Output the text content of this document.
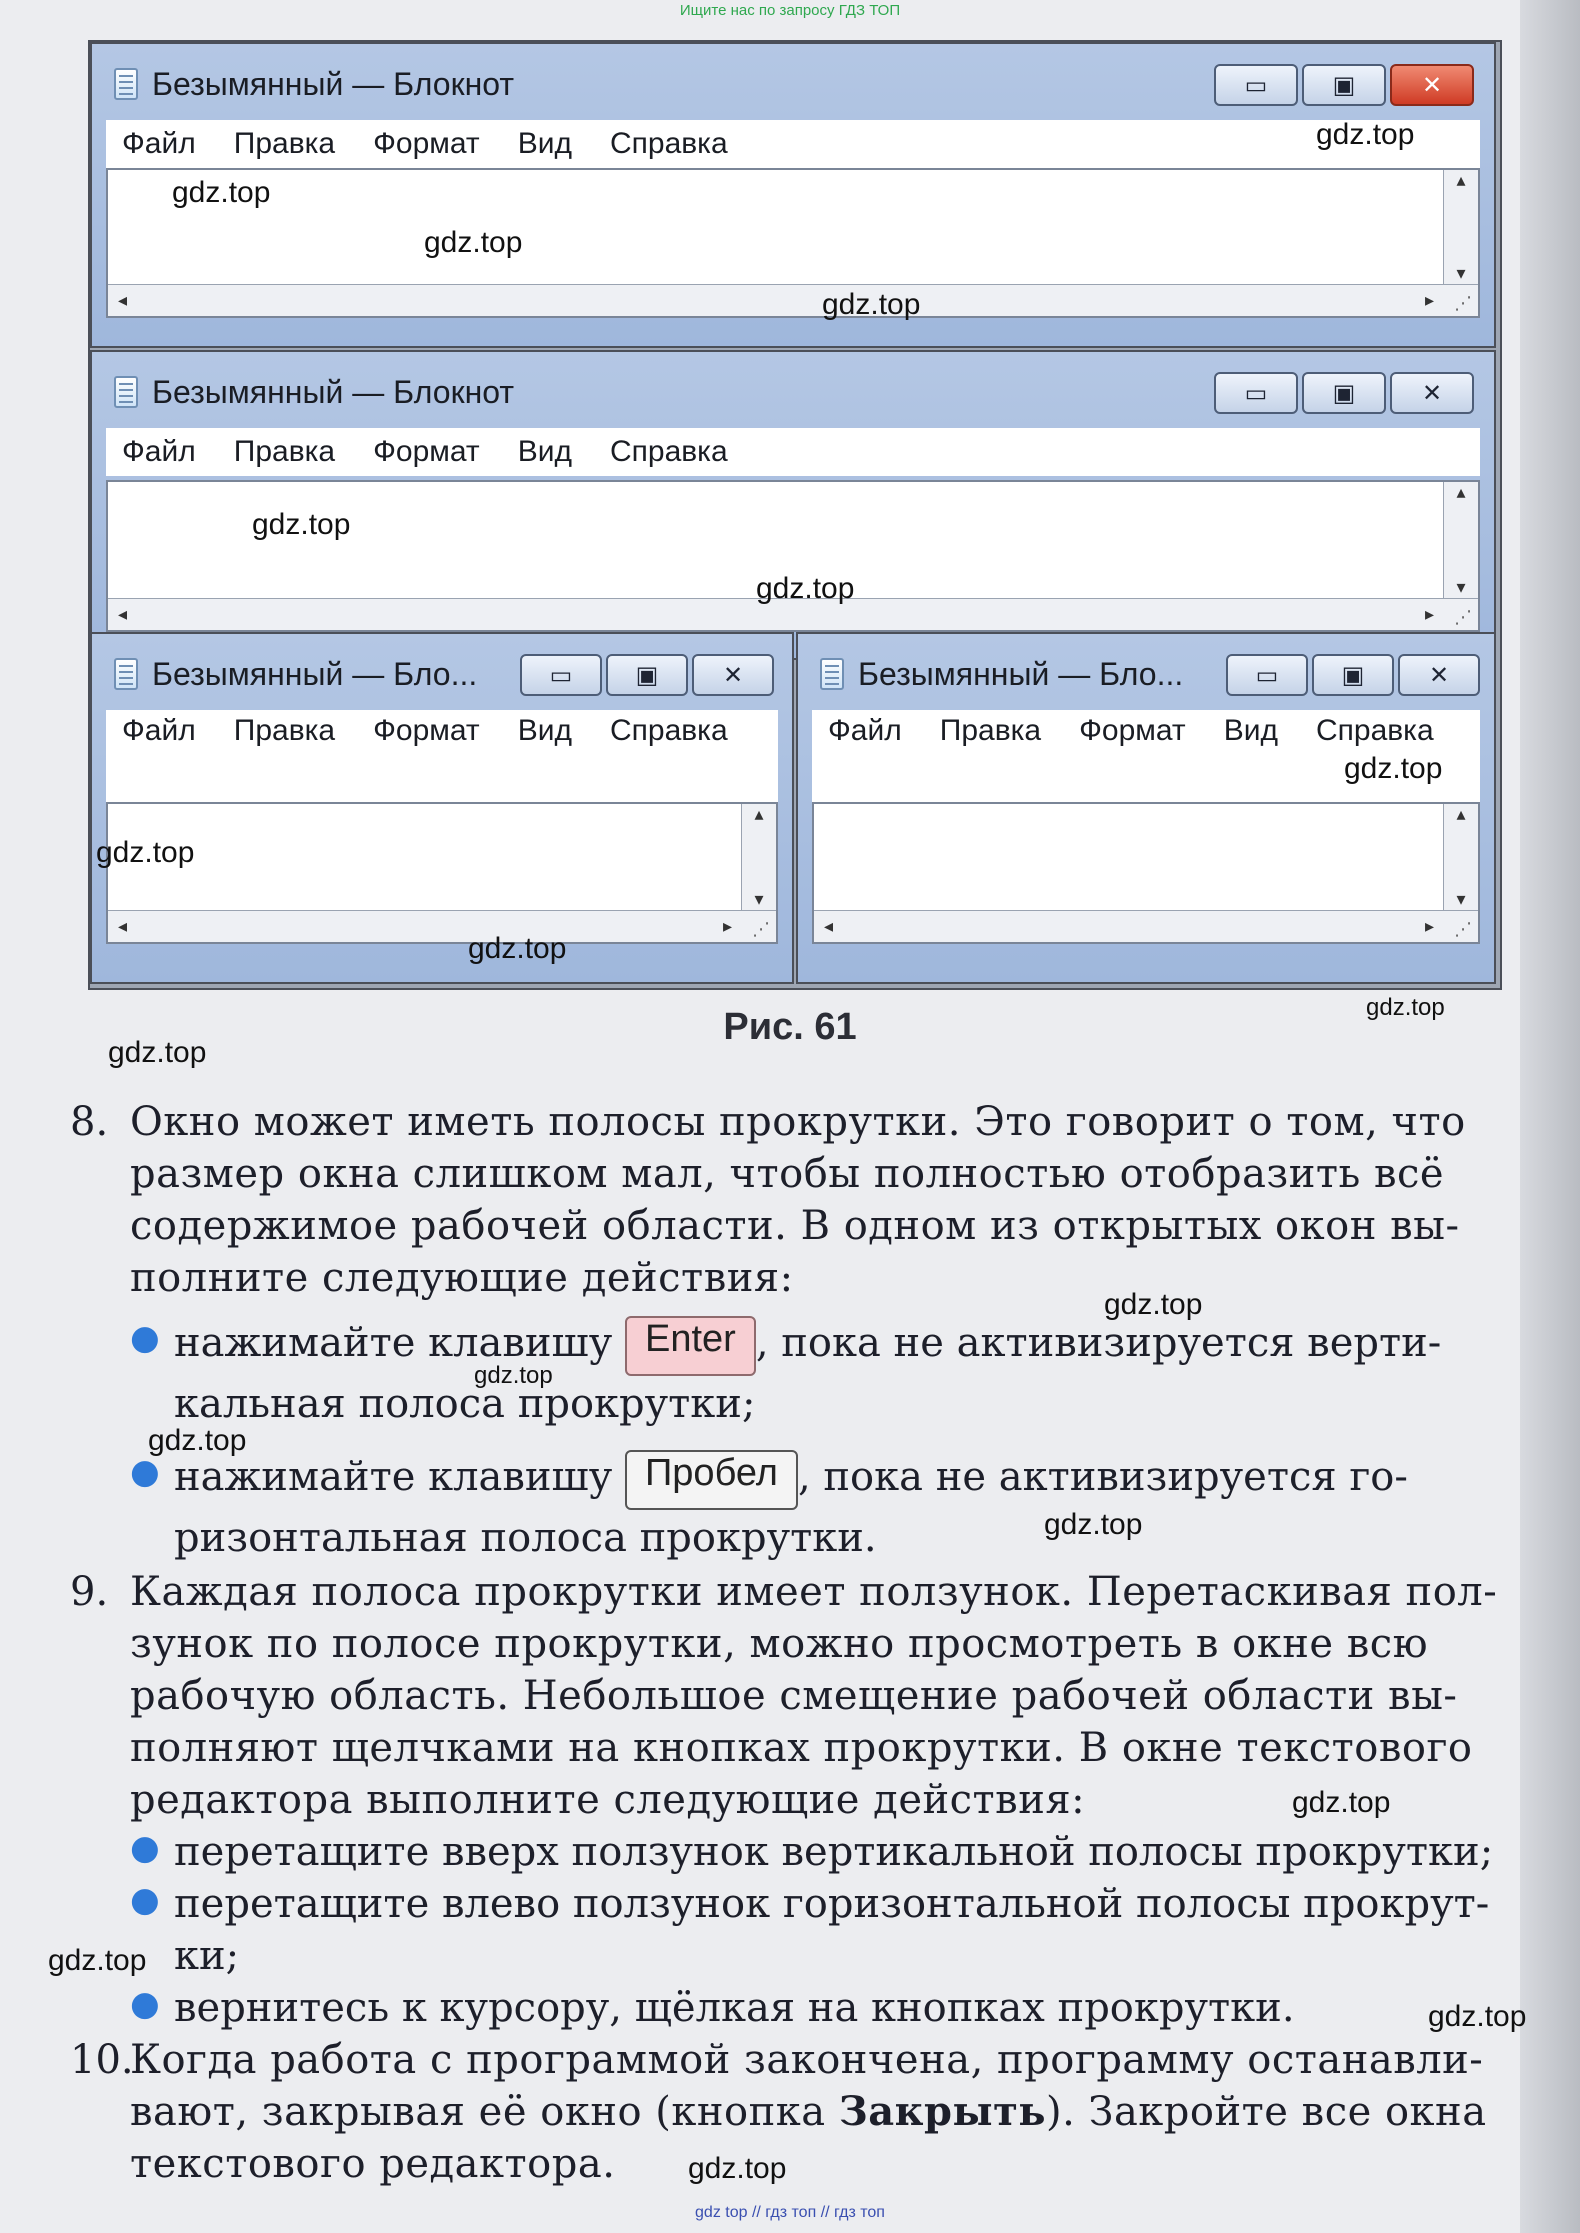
Ищите нас по запросу ГДЗ ТОП
Безымянный — Блокнот	▭	▣	✕
Файл Правка Формат Вид Справка
▴
▾
◂	▸ ⋰
Безымянный — Блокнот	▭	▣	✕
Файл Правка Формат Вид Справка
▴
▾
◂	▸ ⋰
Безымянный — Бло...	▭	▣	✕
Файл Правка Формат Вид Справка
▴
▾
◂	▸ ⋰
Безымянный — Бло...	▭	▣	✕
Файл Правка Формат Вид Справка
▴
▾
◂	▸ ⋰
Рис. 61
gdz.top
gdz.top
gdz.top
gdz.top
gdz.top
gdz.top
gdz.top
gdz.top
gdz.top
gdz.top
gdz.top
gdz.top
gdz.top
gdz.top
gdz.top
gdz.top
gdz.top
gdz.top
gdz.top
8. Окно может иметь полосы прокрутки. Это говорит о том, что
размер окна слишком мал, чтобы полностью отобразить всё
содержимое рабочей области. В одном из открытых окон вы-
полните следующие действия:
● нажимайте клавишу Enter , пока не активизируется верти-
кальная полоса прокрутки;
● нажимайте клавишу Пробел , пока не активизируется го-
ризонтальная полоса прокрутки.
9. Каждая полоса прокрутки имеет ползунок. Перетаскивая пол-
зунок по полосе прокрутки, можно просмотреть в окне всю
рабочую область. Небольшое смещение рабочей области вы-
полняют щелчками на кнопках прокрутки. В окне текстового
редактора выполните следующие действия:
● перетащите вверх ползунок вертикальной полосы прокрутки;
● перетащите влево ползунок горизонтальной полосы прокрут-
ки;
● вернитесь к курсору, щёлкая на кнопках прокрутки.
10.
Когда работа с программой закончена, программу останавли-
вают, закрывая её окно (кнопка Закрыть). Закройте все окна
текстового редактора.
gdz top // гдз топ // гдз топ
